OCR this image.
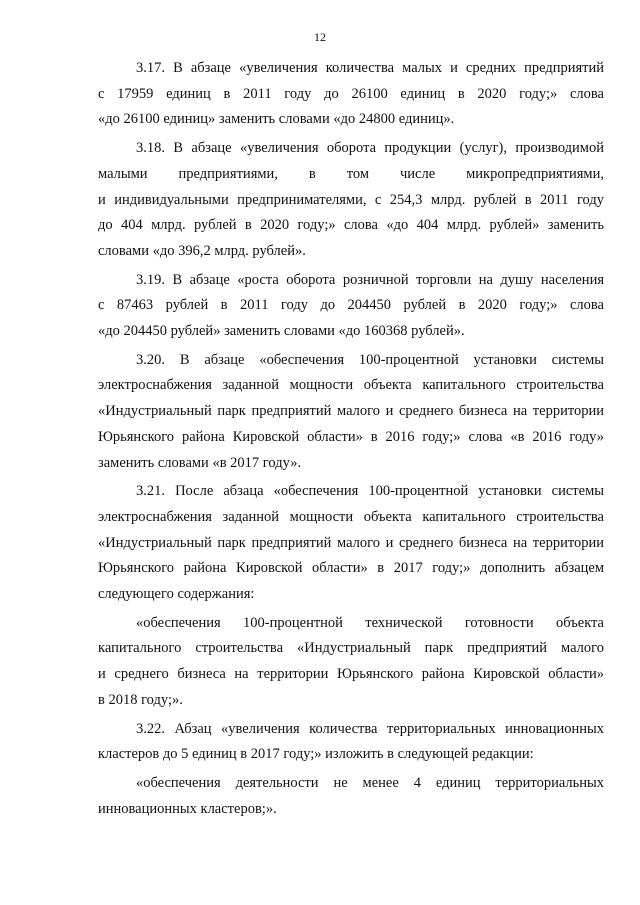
12

3.17. В абзаце «увеличения количества малых и средних предприятий
с 17959 единиц в 2011 году до 26100 единиц в 2020 году;» слова
«до 26100 единиц» заменить словами «до 24800 единиц».

3.18. В абзаце «увеличения оборота продукции (услуг), производимой
малыми предприятиями, в том числе микропредприятиями,
и индивидуальными предпринимателями, с 254,3 млрд. рублей в 2011 году
до 404 млрд. рублей в 2020 году;» слова «до 404 млрд. рублей» заменить
словами «до 396,2 млрд. рублей».

3.19. В абзаце «роста оборота розничной торговли на душу населения
с 87463 рублей в 2011 году до 204450 рублей в 2020 году;» слова
«до 204450 рублей» заменить словами «до 160368 рублей».

3.20. В абзаце «обеспечения 100-процентной установки системы
электроснабжения заданной мощности объекта капитального строительства
«Индустриальный парк предприятий малого и среднего бизнеса на территории
Юрьянского района Кировской области» в 2016 году;» слова «в 2016 году»
заменить словами «в 2017 году».

3.21. После абзаца «обеспечения 100-процентной установки системы
электроснабжения заданной мощности объекта капитального строительства
«Индустриальный парк предприятий малого и среднего бизнеса на территории
Юрьянского района Кировской области» в 2017 году;» дополнить абзацем
следующего содержания:

«обеспечения 100-процентной технической готовности объекта
капитального строительства «Индустриальный парк предприятий малого
и среднего бизнеса на территории Юрьянского района Кировской области»
в 2018 году;».

3.22. Абзац «увеличения количества территориальных инновационных
кластеров до 5 единиц в 2017 году;» изложить в следующей редакции:

«обеспечения деятельности не менее 4 единиц территориальных
инновационных кластеров;».
